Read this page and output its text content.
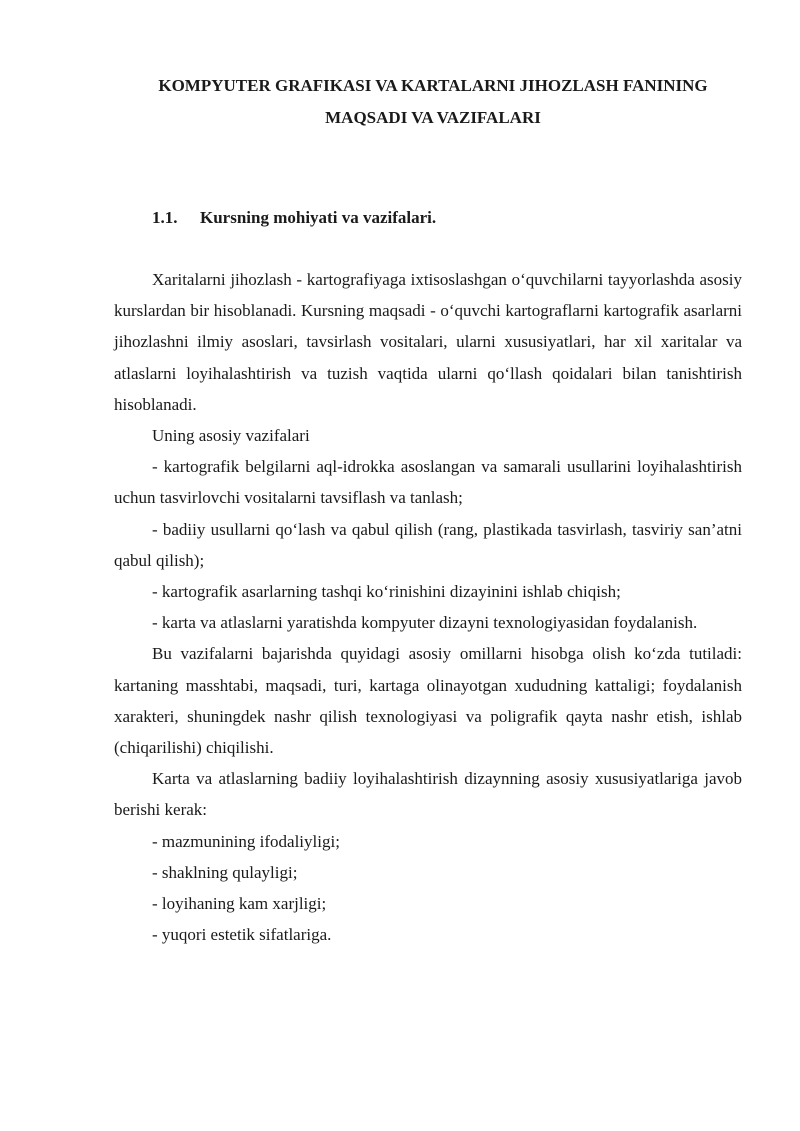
KOMPYUTER GRAFIKASI VA KARTALARNI JIHOZLASH FANINING
MAQSADI VA VAZIFALARI

1.1. Kursning mohiyati va vazifalari.

Xaritalarni jihozlash - kartografiyaga ixtisoslashgan o‘quvchilarni tayyorlashda asosiy kurslardan bir hisoblanadi. Kursning maqsadi - o‘quvchi kartograflarni kartografik asarlarni jihozlashni ilmiy asoslari, tavsirlash vositalari, ularni xususiyatlari, har xil xaritalar va atlaslarni loyihalashtirish va tuzish vaqtida ularni qo‘llash qoidalari bilan tanishtirish hisoblanadi.

Uning asosiy vazifalari

- kartografik belgilarni aql-idrokka asoslangan va samarali usullarini loyihalashtirish uchun tasvirlovchi vositalarni tavsiflash va tanlash;

- badiiy usullarni qo‘lash va qabul qilish (rang, plastikada tasvirlash, tasviriy san’atni qabul qilish);

- kartografik asarlarning tashqi ko‘rinishini dizayinini ishlab chiqish;

- karta va atlaslarni yaratishda kompyuter dizayni texnologiyasidan foydalanish.

Bu vazifalarni bajarishda quyidagi asosiy omillarni hisobga olish ko‘zda tutiladi: kartaning masshtabi, maqsadi, turi, kartaga olinayotgan xududning kattaligi; foydalanish xarakteri, shuningdek nashr qilish texnologiyasi va poligrafik qayta nashr etish, ishlab (chiqarilishi) chiqilishi.

Karta va atlaslarning badiiy loyihalashtirish dizaynning asosiy xususiyatlariga javob berishi kerak:

- mazmunining ifodaliyligi;

- shaklning qulayligi;

- loyihaning kam xarjligi;

- yuqori estetik sifatlariga.
